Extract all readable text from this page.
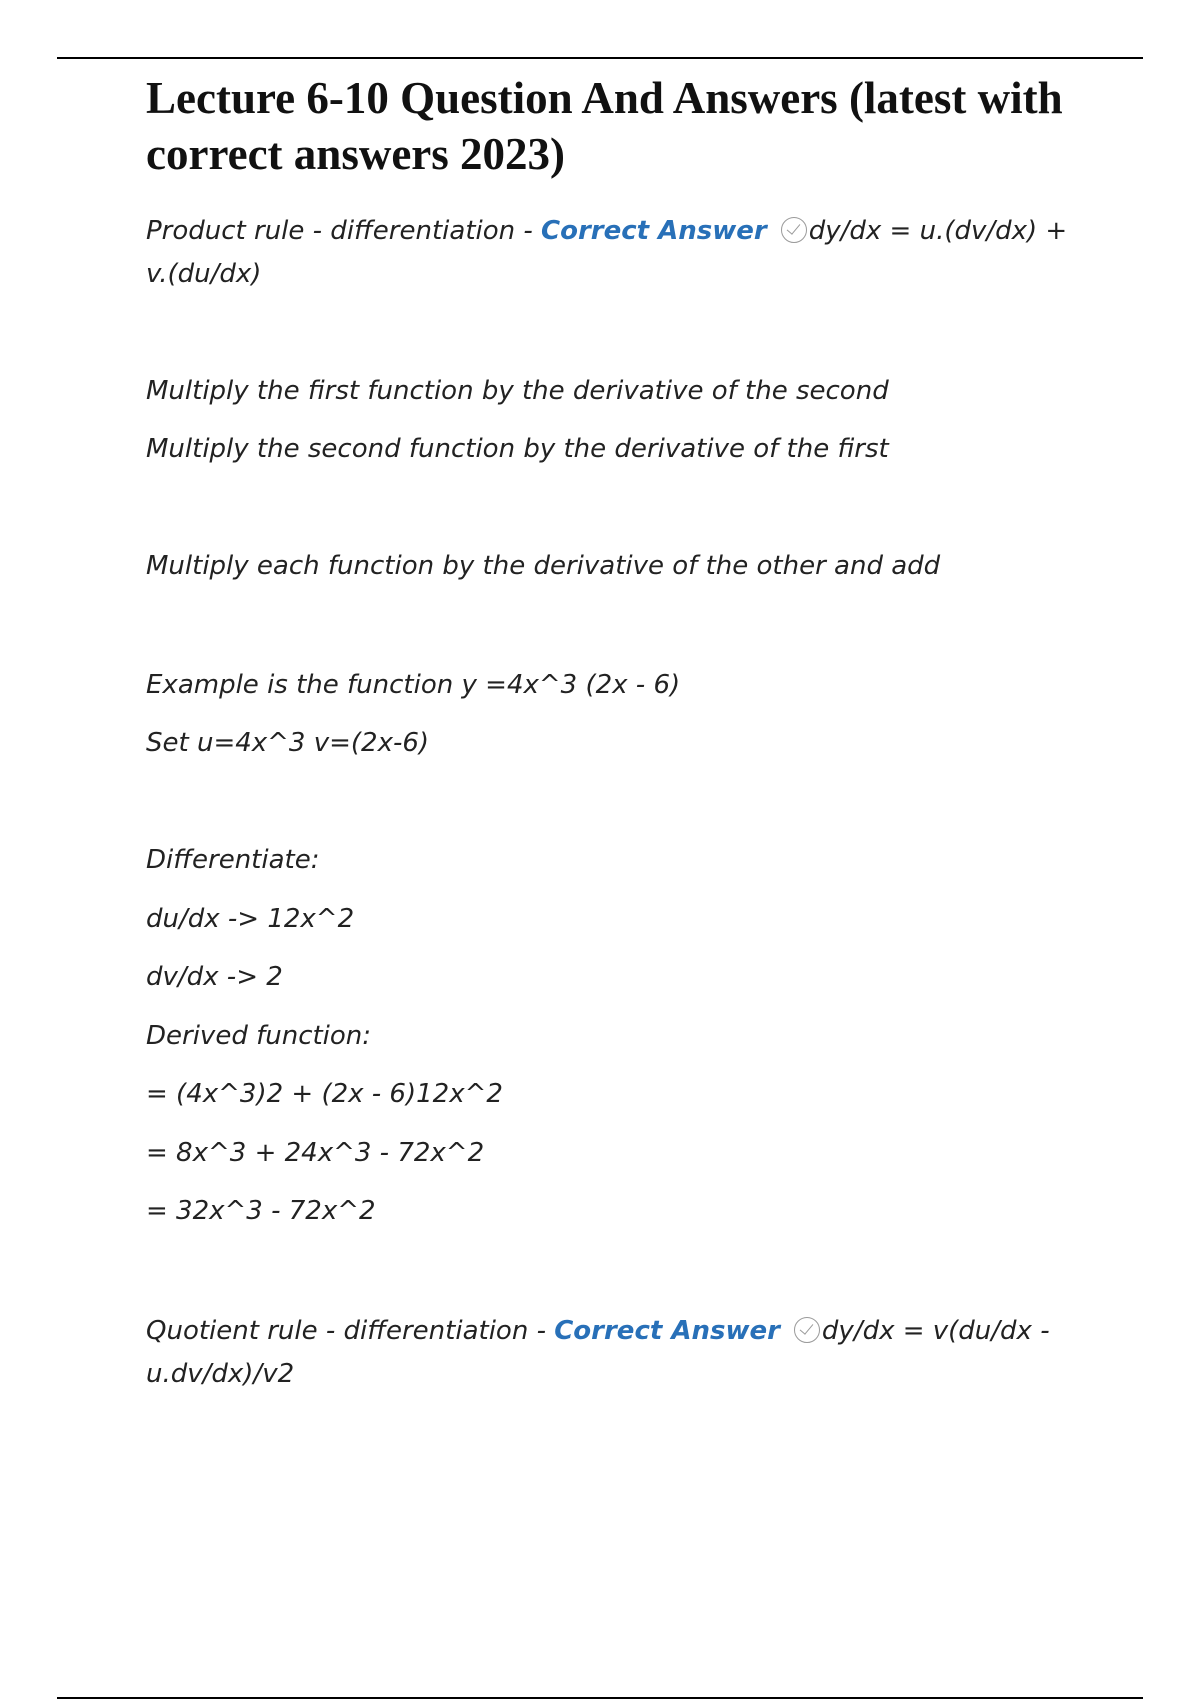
Lecture 6-10 Question And Answers (latest with correct answers 2023)
Product rule - differentiation - Correct Answer dy/dx = u.(dv/dx) + v.(du/dx)
Multiply the first function by the derivative of the second
Multiply the second function by the derivative of the first
Multiply each function by the derivative of the other and add
Example is the function y =4x^3 (2x - 6)
Set u=4x^3 v=(2x-6)
Differentiate:
du/dx -> 12x^2
dv/dx -> 2
Derived function:
= (4x^3)2 + (2x - 6)12x^2
= 8x^3 + 24x^3 - 72x^2
= 32x^3 - 72x^2
Quotient rule - differentiation - Correct Answer dy/dx = v(du/dx - u.dv/dx)/v2
